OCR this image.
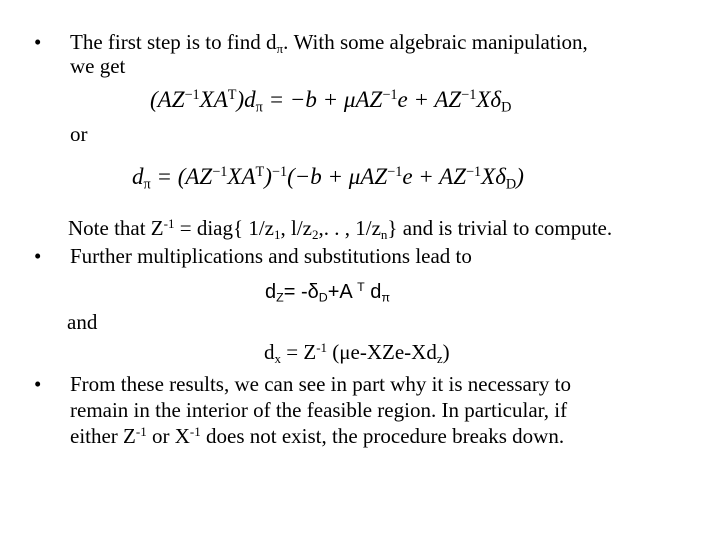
• The first step is to find $d_\pi$. With some algebraic manipulation,
we get
$(AZ^{-1}XA^T)d_\pi = -b + \mu AZ^{-1}e + AZ^{-1}X\delta_D$
or
$d_\pi = (AZ^{-1}XA^T)^{-1}(-b + \mu AZ^{-1}e + AZ^{-1}X\delta_D)$
Note that $Z^{-1}$ = diag{ $1/z_1$, $l/z_2$,. . , $1/z_n$} and is trivial to compute.
• Further multiplications and substitutions lead to
$d_Z= -\delta_D+A$ $^T$ $d_\pi$
and
$d_x = Z^{-1}$ $(\mu e-XZe-Xd_z)$
• From these results, we can see in part why it is necessary to
remain in the interior of the feasible region. In particular, if
either $Z^{-1}$ or $X^{-1}$ does not exist, the procedure breaks down.
